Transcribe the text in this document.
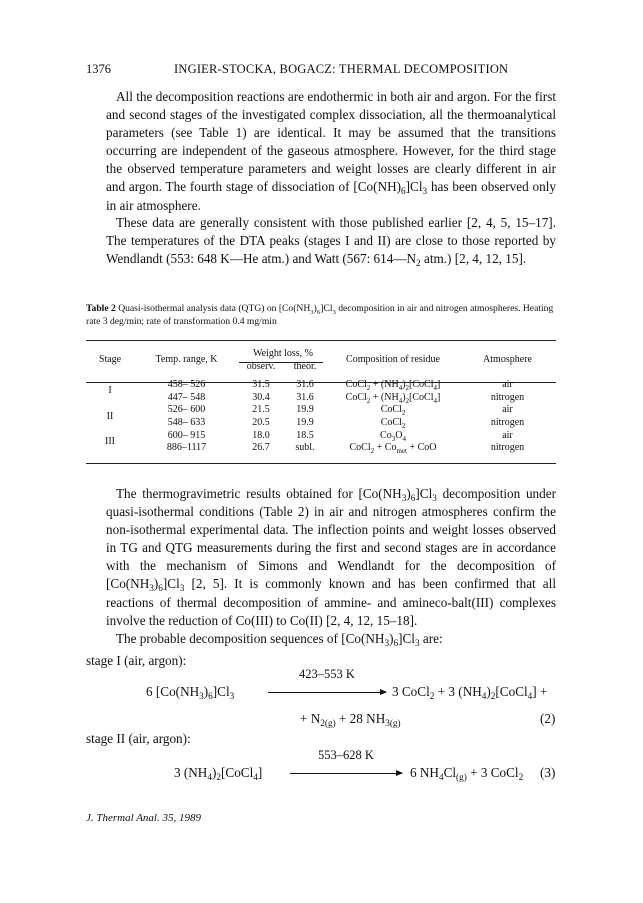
1376	INGIER-STOCKA, BOGACZ: THERMAL DECOMPOSITION
All the decomposition reactions are endothermic in both air and argon. For the first and second stages of the investigated complex dissociation, all the thermoanalytical parameters (see Table 1) are identical. It may be assumed that the transitions occurring are independent of the gaseous atmosphere. However, for the third stage the observed temperature parameters and weight losses are clearly different in air and argon. The fourth stage of dissociation of $[Co(NH)_6]Cl_3$ has been observed only in air atmosphere.
These data are generally consistent with those published earlier [2, 4, 5, 15–17]. The temperatures of the DTA peaks (stages I and II) are close to those reported by Wendlandt (553: 648 K—He atm.) and Watt (567: $614—N_2$ atm.) [2, 4, 12, 15].
Table 2 Quasi-isothermal analysis data (QTG) on $[Co(NH_3)_6]Cl_3$ decomposition in air and nitrogen atmospheres. Heating rate 3 deg/min; rate of transformation 0.4 mg/min
Stage	Temp. range, K	Weight loss, %		Composition of residue	Atmosphere
		observ.	theor.		

I	458– 526	31.5	31.6	CoCl$_2$ + $(NH_4)_2[CoCl_4]$	air
	447– 548	30.4	31.6	CoCl$_2$ + $(NH_4)_2[CoCl_4]$	nitrogen
II	526– 600	21.5	19.9	CoCl$_2$	air
	548– 633	20.5	19.9	CoCl$_2$	nitrogen
III	600– 915	18.0	18.5	$Co_3O_4$	air
	886–1117	26.7	subl.	CoCl$_2$ + $Co_{met}$ + CoO	nitrogen
The thermogravimetric results obtained for $[Co(NH_3)_6]Cl_3$ decomposition under quasi-isothermal conditions (Table 2) in air and nitrogen atmospheres confirm the non-isothermal experimental data. The inflection points and weight losses observed in TG and QTG measurements during the first and second stages are in accordance with the mechanism of Simons and Wendlandt for the decomposition of $[Co(NH_3)_6]Cl_3$ [2, 5]. It is commonly known and has been confirmed that all reactions of thermal decomposition of ammine- and amineco-balt(III) complexes involve the reduction of Co(III) to Co(II) [2, 4, 12, 15–18].
The probable decomposition sequences of $[Co(NH_3)_6]Cl_3$ are:
stage I (air, argon):
6 $[Co(NH_3)_6]Cl_3$
423–553 K
3 CoCl$_2$ + 3 $(NH_4)_2[CoCl_4]$ +
+ $N_{2(g)} + 28$ $NH_{3(g)}$	(2)
stage II (air, argon):
3 $(NH_4)_2[CoCl_4]$
553–628 K
6 $NH_4Cl_{(g)} + 3$ CoCl$_2$ (3)
J. Thermal Anal. 35, 1989
